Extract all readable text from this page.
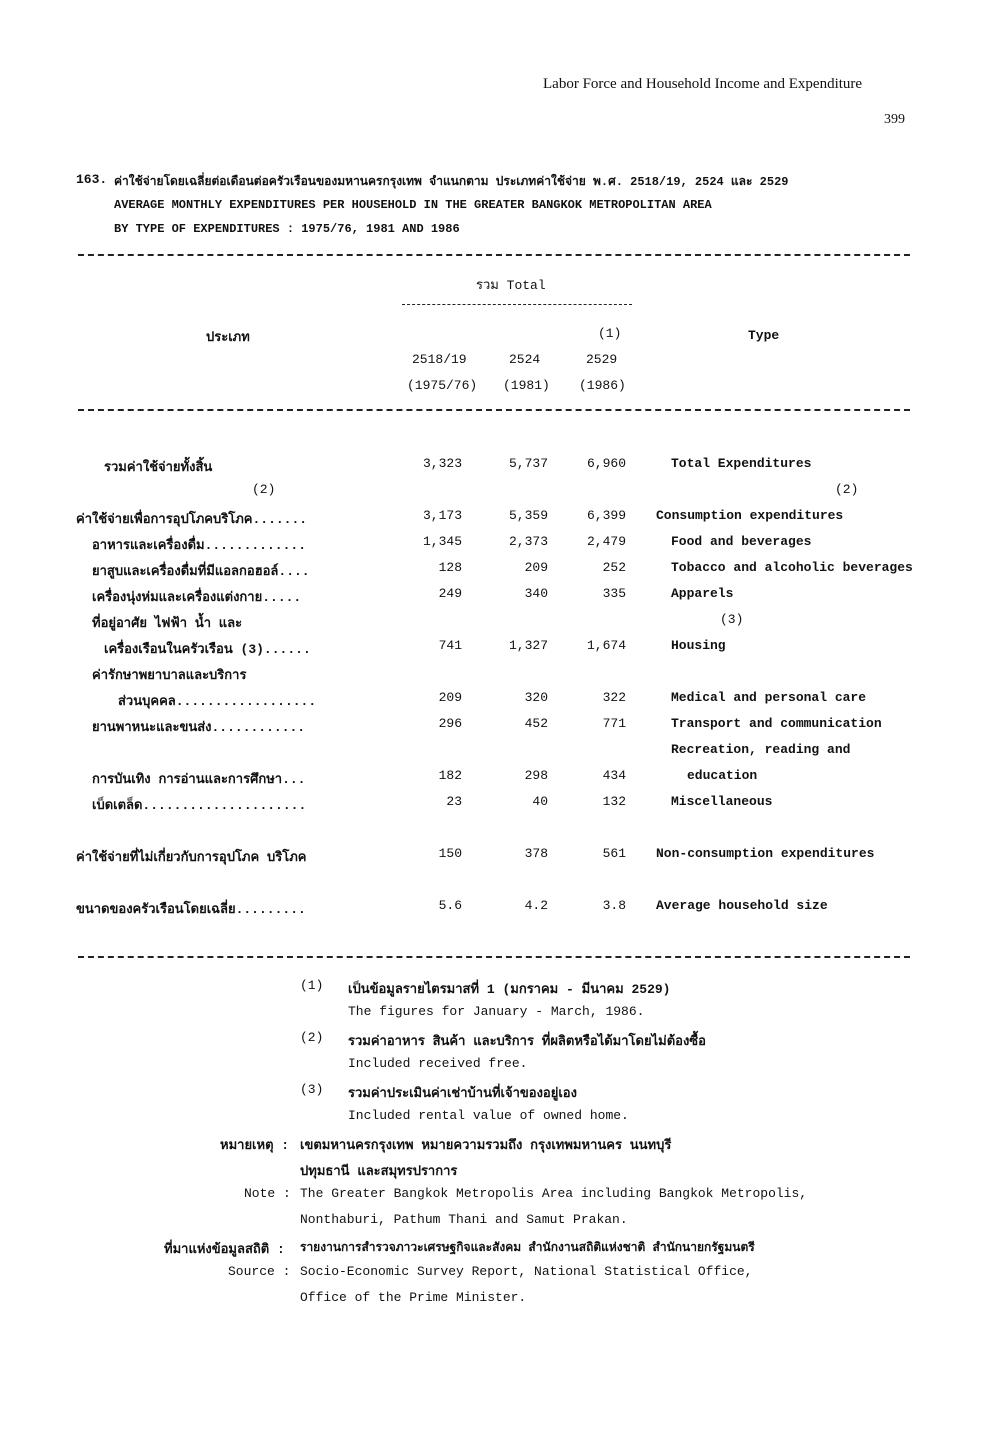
Labor Force and Household Income and Expenditure
399
163. ค่าใช้จ่ายโดยเฉลี่ยต่อเดือนต่อครัวเรือนของมหานครกรุงเทพ จำแนกตาม ประเภทค่าใช้จ่าย พ.ศ. 2518/19, 2524 และ 2529
AVERAGE MONTHLY EXPENDITURES PER HOUSEHOLD IN THE GREATER BANGKOK METROPOLITAN AREA
BY TYPE OF EXPENDITURES : 1975/76, 1981 AND 1986
รวม Total
ประเภท	Type
(1)
2518/19	2524	2529
(1975/76) (1981) (1986)
รวมค่าใช้จ่ายทั้งสิ้น	3,323	5,737	6,960	Total Expenditures
(2)	(2)
ค่าใช้จ่ายเพื่อการอุปโภคบริโภค.......	3,173	5,359	6,399 Consumption expenditures
อาหารและเครื่องดื่ม.............	1,345	2,373	2,479	Food and beverages
ยาสูบและเครื่องดื่มที่มีแอลกอฮอล์....	128	209	252	Tobacco and alcoholic beverages
เครื่องนุ่งห่มและเครื่องแต่งกาย.....	249	340	335	Apparels
ที่อยู่อาศัย ไฟฟ้า น้ำ และ	(3)
เครื่องเรือนในครัวเรือน (3)......	741	1,327	1,674	Housing
ค่ารักษาพยาบาลและบริการ
ส่วนบุคคล..................	209	320	322	Medical and personal care
ยานพาหนะและขนส่ง............	296	452	771	Transport and communication
Recreation, reading and
การบันเทิง การอ่านและการศึกษา...	182	298	434	education
เบ็ดเตล็ด.....................	23	40	132	Miscellaneous
ค่าใช้จ่ายที่ไม่เกี่ยวกับการอุปโภค บริโภค	150	378	561 Non-consumption expenditures
ขนาดของครัวเรือนโดยเฉลี่ย.........	5.6	4.2	3.8 Average household size
(1) เป็นข้อมูลรายไตรมาสที่ 1 (มกราคม - มีนาคม 2529)
The figures for January - March, 1986.
(2) รวมค่าอาหาร สินค้า และบริการ ที่ผลิตหรือได้มาโดยไม่ต้องซื้อ
Included received free.
(3) รวมค่าประเมินค่าเช่าบ้านที่เจ้าของอยู่เอง
Included rental value of owned home.
หมายเหตุ : เขตมหานครกรุงเทพ หมายความรวมถึง กรุงเทพมหานคร นนทบุรี
ปทุมธานี และสมุทรปราการ
Note : The Greater Bangkok Metropolis Area including Bangkok Metropolis,
Nonthaburi, Pathum Thani and Samut Prakan.
ที่มาแห่งข้อมูลสถิติ : รายงานการสำรวจภาวะเศรษฐกิจและสังคม สำนักงานสถิติแห่งชาติ สำนักนายกรัฐมนตรี
Source : Socio-Economic Survey Report, National Statistical Office,
Office of the Prime Minister.
